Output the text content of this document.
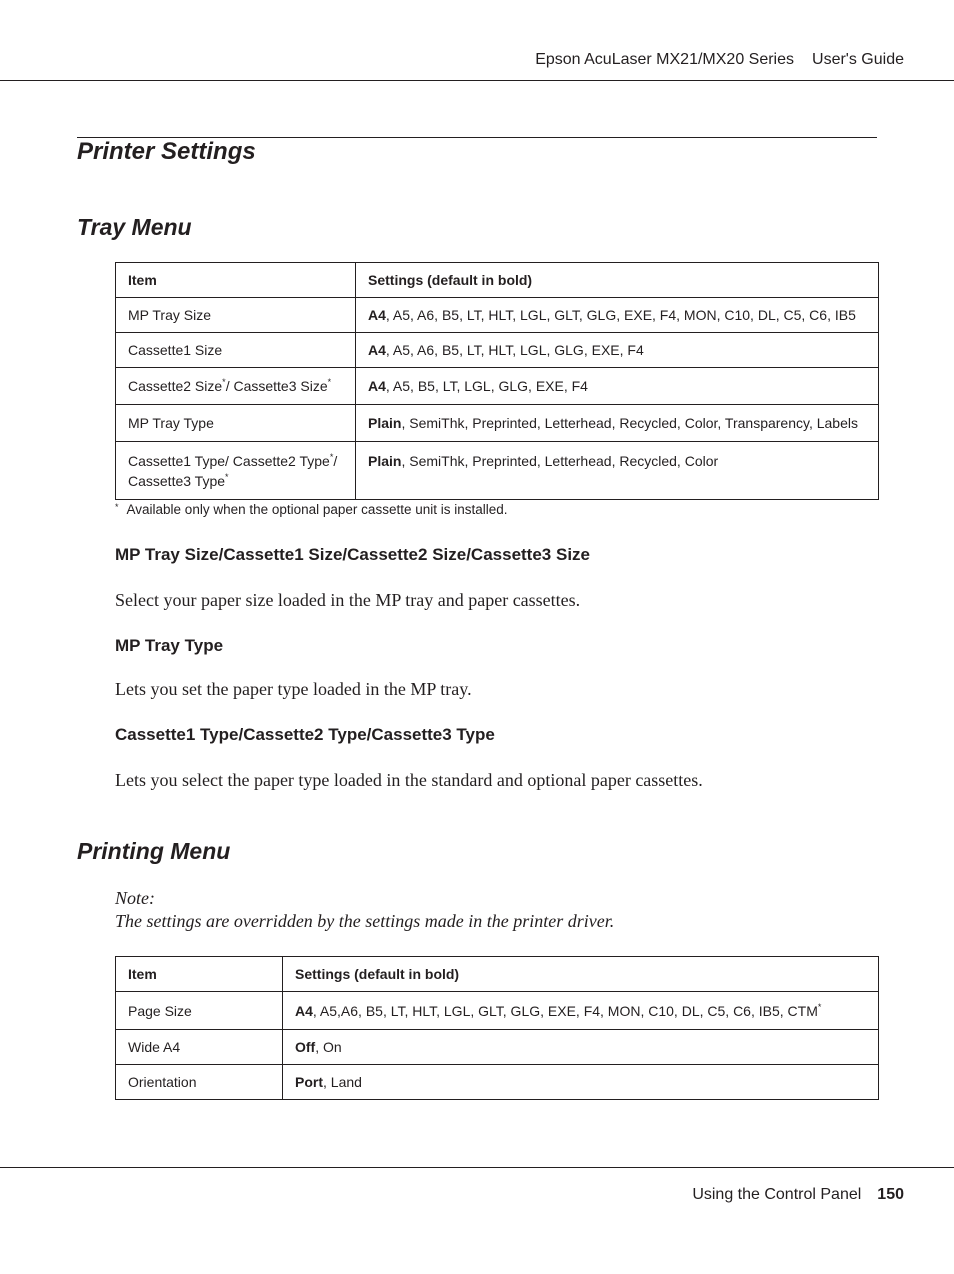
Epson AcuLaser MX21/MX20 Series User's Guide
Printer Settings
Tray Menu
Item	Settings (default in bold)
MP Tray Size	A4, A5, A6, B5, LT, HLT, LGL, GLT, GLG, EXE, F4, MON, C10, DL, C5, C6, IB5
Cassette1 Size	A4, A5, A6, B5, LT, HLT, LGL, GLG, EXE, F4
Cassette2 Size*/ Cassette3 Size*	A4, A5, B5, LT, LGL, GLG, EXE, F4
MP Tray Type	Plain, SemiThk, Preprinted, Letterhead, Recycled, Color, Transparency, Labels
Cassette1 Type/ Cassette2 Type*/
Cassette3 Type*	Plain, SemiThk, Preprinted, Letterhead, Recycled, Color
* Available only when the optional paper cassette unit is installed.
MP Tray Size/Cassette1 Size/Cassette2 Size/Cassette3 Size

Select your paper size loaded in the MP tray and paper cassettes.

MP Tray Type

Lets you set the paper type loaded in the MP tray.

Cassette1 Type/Cassette2 Type/Cassette3 Type

Lets you select the paper type loaded in the standard and optional paper cassettes.

Printing Menu
Note:
The settings are overridden by the settings made in the printer driver.
Item	Settings (default in bold)
Page Size	A4, A5,A6, B5, LT, HLT, LGL, GLT, GLG, EXE, F4, MON, C10, DL, C5, C6, IB5, CTM*
Wide A4	Off, On
Orientation	Port, Land
Using the Control Panel 150
